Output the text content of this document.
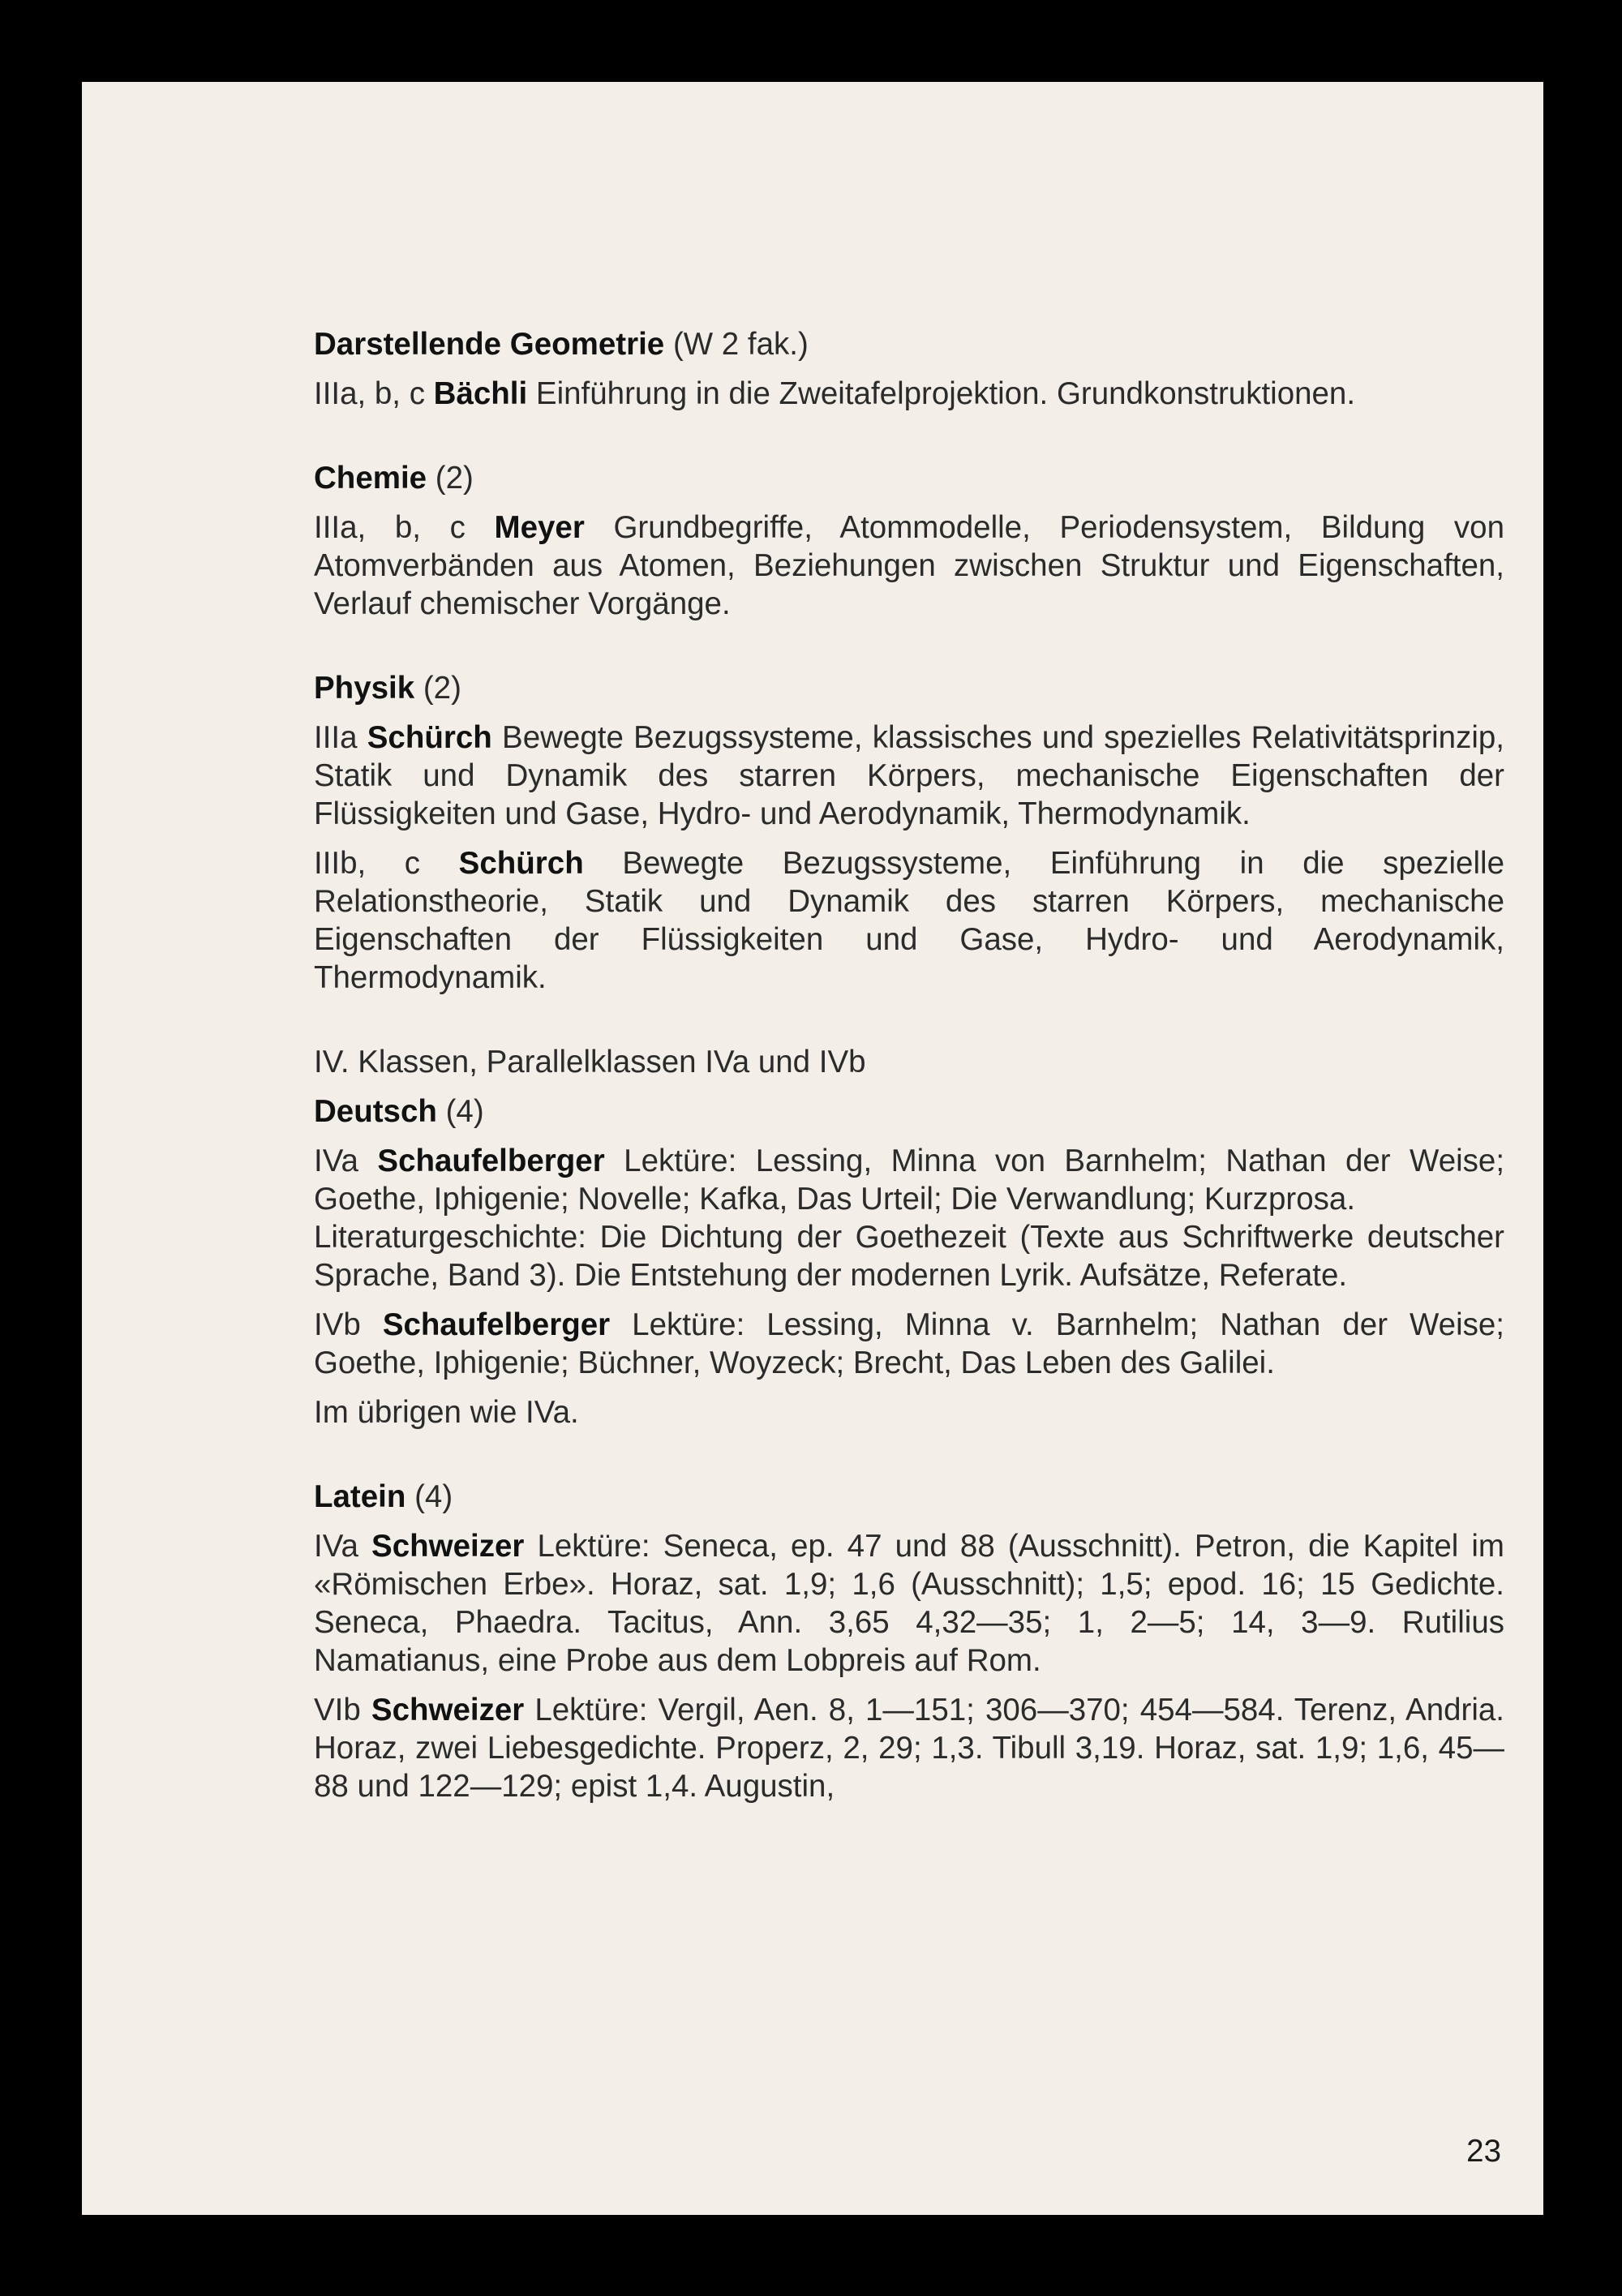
Darstellende Geometrie (W 2 fak.)

IIIa, b, c Bächli Einführung in die Zweitafelprojektion. Grundkonstruktionen.

Chemie (2)

IIIa, b, c Meyer Grundbegriffe, Atommodelle, Periodensystem, Bildung von Atomverbänden aus Atomen, Beziehungen zwischen Struktur und Eigenschaften, Verlauf chemischer Vorgänge.

Physik (2)

IIIa Schürch Bewegte Bezugssysteme, klassisches und spezielles Relativitätsprinzip, Statik und Dynamik des starren Körpers, mechanische Eigenschaften der Flüssigkeiten und Gase, Hydro- und Aerodynamik, Thermodynamik.

IIIb, c Schürch Bewegte Bezugssysteme, Einführung in die spezielle Relationstheorie, Statik und Dynamik des starren Körpers, mechanische Eigenschaften der Flüssigkeiten und Gase, Hydro- und Aerodynamik, Thermodynamik.

IV. Klassen, Parallelklassen IVa und IVb

Deutsch (4)

IVa Schaufelberger Lektüre: Lessing, Minna von Barnhelm; Nathan der Weise; Goethe, Iphigenie; Novelle; Kafka, Das Urteil; Die Verwandlung; Kurzprosa.

Literaturgeschichte: Die Dichtung der Goethezeit (Texte aus Schriftwerke deutscher Sprache, Band 3). Die Entstehung der modernen Lyrik. Aufsätze, Referate.

IVb Schaufelberger Lektüre: Lessing, Minna v. Barnhelm; Nathan der Weise; Goethe, Iphigenie; Büchner, Woyzeck; Brecht, Das Leben des Galilei.

Im übrigen wie IVa.

Latein (4)

IVa Schweizer Lektüre: Seneca, ep. 47 und 88 (Ausschnitt). Petron, die Kapitel im «Römischen Erbe». Horaz, sat. 1,9; 1,6 (Ausschnitt); 1,5; epod. 16; 15 Gedichte. Seneca, Phaedra. Tacitus, Ann. 3,65 4,32—35; 1, 2—5; 14, 3—9. Rutilius Namatianus, eine Probe aus dem Lobpreis auf Rom.

VIb Schweizer Lektüre: Vergil, Aen. 8, 1—151; 306—370; 454—584. Terenz, Andria. Horaz, zwei Liebesgedichte. Properz, 2, 29; 1,3. Tibull 3,19. Horaz, sat. 1,9; 1,6, 45—88 und 122—129; epist 1,4. Augustin,

23
